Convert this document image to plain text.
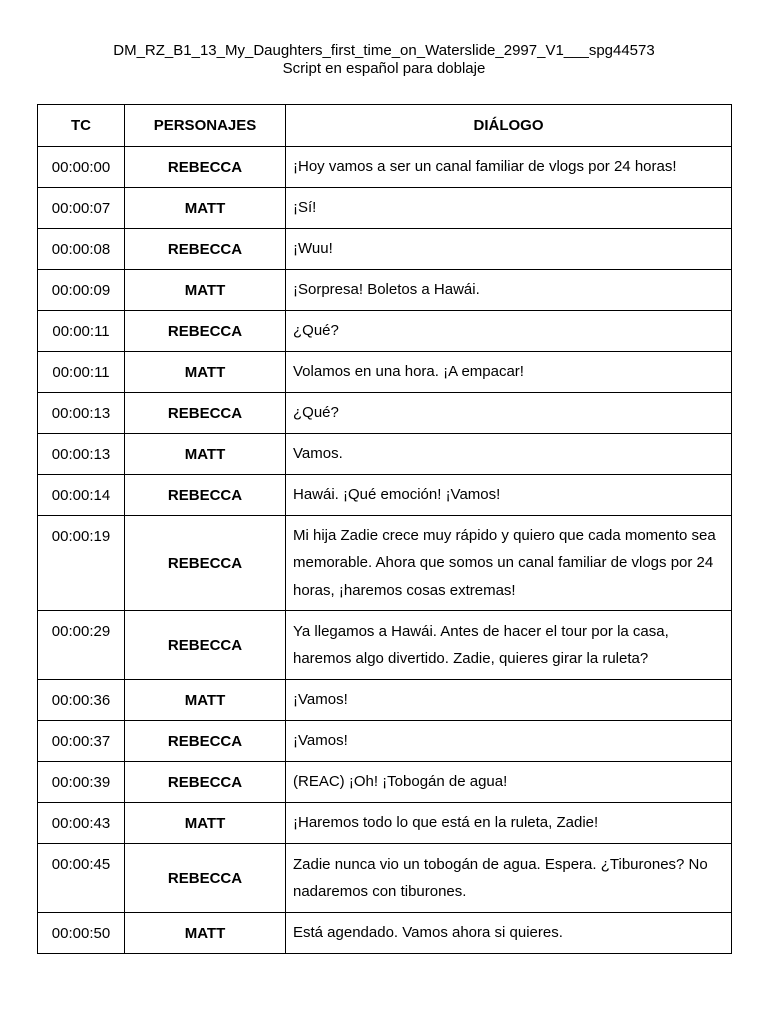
DM_RZ_B1_13_My_Daughters_first_time_on_Waterslide_2997_V1___spg44573
Script en español para doblaje
TC	PERSONAJES	DIÁLOGO
00:00:00	REBECCA	¡Hoy vamos a ser un canal familiar de vlogs por 24 horas!
00:00:07	MATT	¡Sí!
00:00:08	REBECCA	¡Wuu!
00:00:09	MATT	¡Sorpresa! Boletos a Hawái.
00:00:11	REBECCA	¿Qué?
00:00:11	MATT	Volamos en una hora. ¡A empacar!
00:00:13	REBECCA	¿Qué?
00:00:13	MATT	Vamos.
00:00:14	REBECCA	Hawái. ¡Qué emoción! ¡Vamos!
00:00:19	REBECCA	Mi hija Zadie crece muy rápido y quiero que cada momento sea memorable. Ahora que somos un canal familiar de vlogs por 24 horas, ¡haremos cosas extremas!
00:00:29	REBECCA	Ya llegamos a Hawái. Antes de hacer el tour por la casa, haremos algo divertido. Zadie, quieres girar la ruleta?
00:00:36	MATT	¡Vamos!
00:00:37	REBECCA	¡Vamos!
00:00:39	REBECCA	(REAC) ¡Oh! ¡Tobogán de agua!
00:00:43	MATT	¡Haremos todo lo que está en la ruleta, Zadie!
00:00:45	REBECCA	Zadie nunca vio un tobogán de agua. Espera. ¿Tiburones? No nadaremos con tiburones.
00:00:50	MATT	Está agendado. Vamos ahora si quieres.
